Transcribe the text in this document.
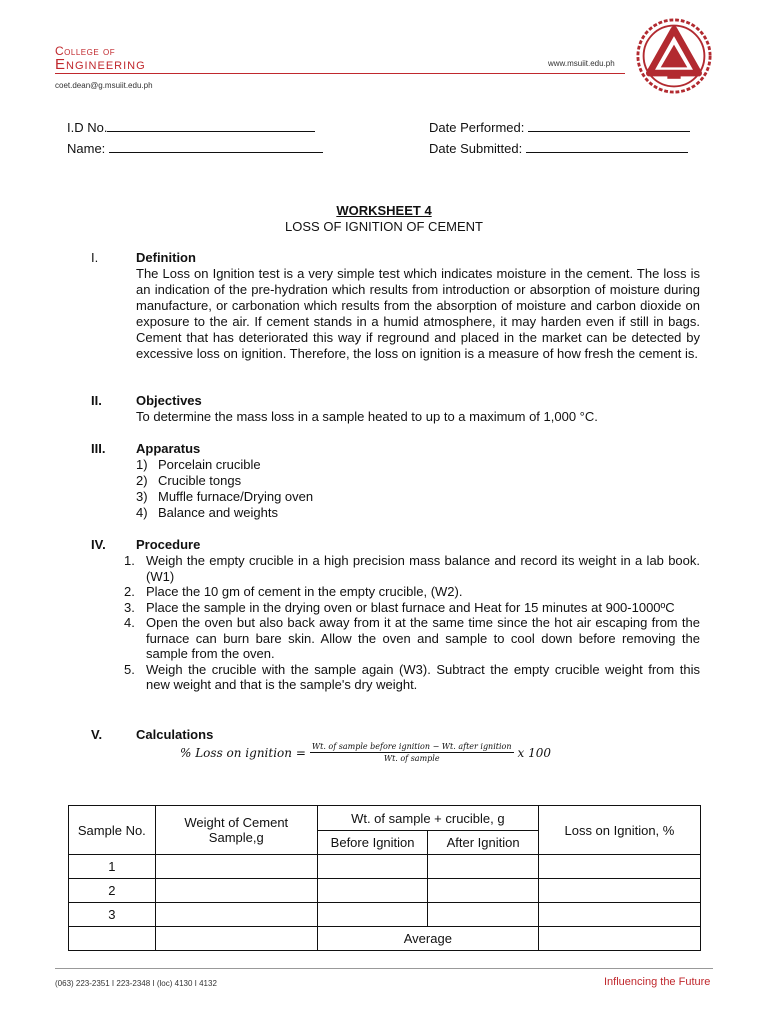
College of
Engineering
coet.dean@g.msuiit.edu.ph
www.msuiit.edu.ph
I.D No.
Name:
Date Performed:
Date Submitted:
WORKSHEET 4
LOSS OF IGNITION OF CEMENT
I.	Definition
The Loss on Ignition test is a very simple test which indicates moisture in the cement. The loss is an indication of the pre-hydration which results from introduction or absorption of moisture during manufacture, or carbonation which results from the absorption of moisture and carbon dioxide on exposure to the air. If cement stands in a humid atmosphere, it may harden even if still in bags. Cement that has deteriorated this way if reground and placed in the market can be detected by excessive loss on ignition. Therefore, the loss on ignition is a measure of how fresh the cement is.
II.	Objectives
To determine the mass loss in a sample heated to up to a maximum of 1,000 °C.
III. Apparatus
1) Porcelain crucible
2) Crucible tongs
3) Muffle furnace/Drying oven
4) Balance and weights
IV. Procedure
1. Weigh the empty crucible in a high precision mass balance and record its weight in a lab book. (W1)
2. Place the 10 gm of cement in the empty crucible, (W2).
3. Place the sample in the drying oven or blast furnace and Heat for 15 minutes at 900-1000ºC
4. Open the oven but also back away from it at the same time since the hot air escaping from the furnace can burn bare skin. Allow the oven and sample to cool down before removing the sample from the oven.
5. Weigh the crucible with the sample again (W3). Subtract the empty crucible weight from this new weight and that is the sample's dry weight.
V.	Calculations
% Loss on ignition = $\frac{\text{Wt. of sample before ignition − Wt. after ignition}}{\text{Wt. of sample}}$ x 100
Sample No.	Weight of Cement Sample,g	Wt. of sample + crucible, g		Loss on Ignition, %
		Before Ignition	After Ignition	
1				
2				
3				
		Average		
(063) 223-2351 I 223-2348 I (loc) 4130 I 4132	Influencing the Future
